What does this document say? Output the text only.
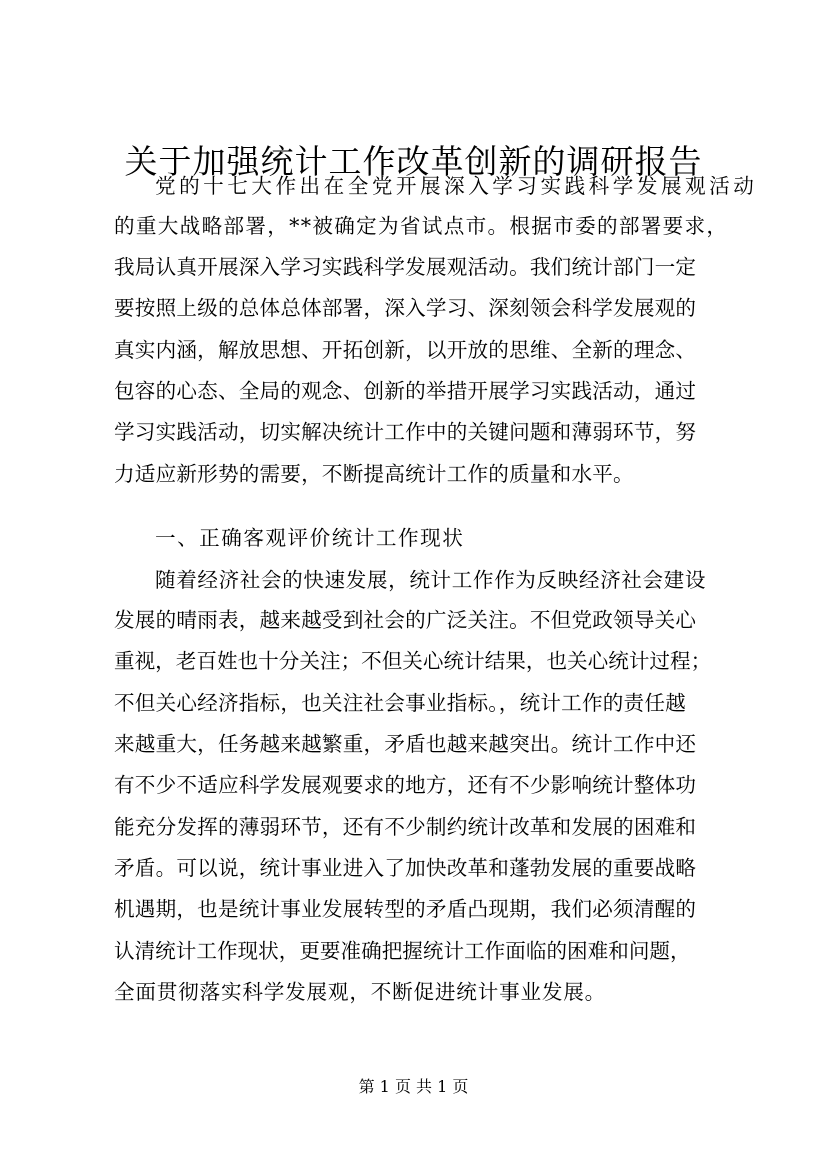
关于加强统计工作改革创新的调研报告
党的十七大作出在全党开展深入学习实践科学发展观活动
的重大战略部署，**被确定为省试点市。根据市委的部署要求，
我局认真开展深入学习实践科学发展观活动。我们统计部门一定
要按照上级的总体总体部署，深入学习、深刻领会科学发展观的
真实内涵，解放思想、开拓创新，以开放的思维、全新的理念、
包容的心态、全局的观念、创新的举措开展学习实践活动，通过
学习实践活动，切实解决统计工作中的关键问题和薄弱环节，努
力适应新形势的需要，不断提高统计工作的质量和水平。
一、正确客观评价统计工作现状
随着经济社会的快速发展，统计工作作为反映经济社会建设
发展的晴雨表，越来越受到社会的广泛关注。不但党政领导关心
重视，老百姓也十分关注；不但关心统计结果，也关心统计过程；
不但关心经济指标，也关注社会事业指标。，统计工作的责任越
来越重大，任务越来越繁重，矛盾也越来越突出。统计工作中还
有不少不适应科学发展观要求的地方，还有不少影响统计整体功
能充分发挥的薄弱环节，还有不少制约统计改革和发展的困难和
矛盾。可以说，统计事业进入了加快改革和蓬勃发展的重要战略
机遇期，也是统计事业发展转型的矛盾凸现期，我们必须清醒的
认清统计工作现状，更要准确把握统计工作面临的困难和问题，
全面贯彻落实科学发展观，不断促进统计事业发展。
第 1 页 共 1 页
